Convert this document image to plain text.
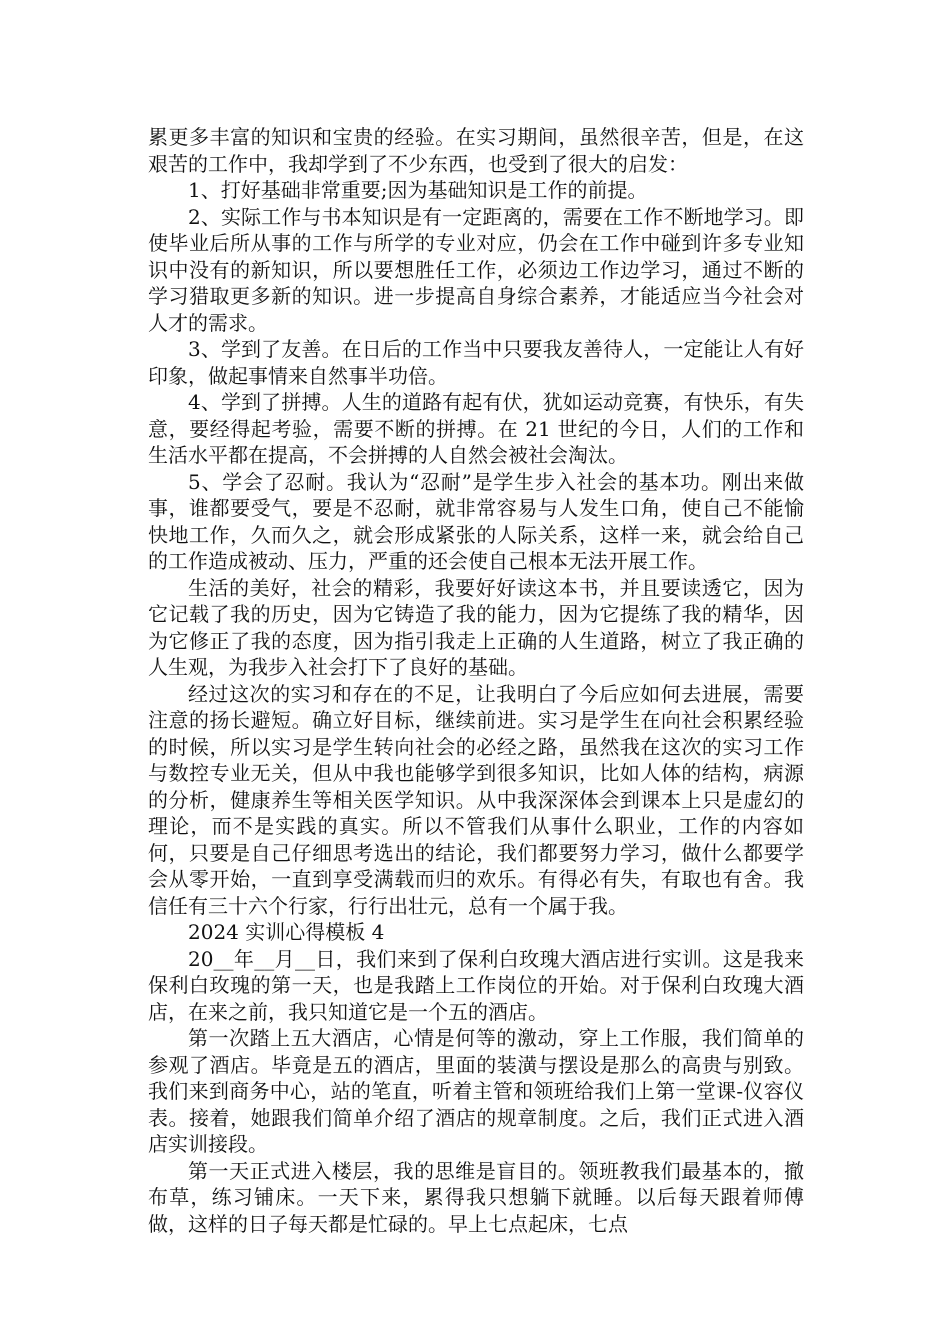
累更多丰富的知识和宝贵的经验。在实习期间，虽然很辛苦，但是，在这艰苦的工作中，我却学到了不少东西，也受到了很大的启发：

1、打好基础非常重要;因为基础知识是工作的前提。

2、实际工作与书本知识是有一定距离的，需要在工作不断地学习。即使毕业后所从事的工作与所学的专业对应，仍会在工作中碰到许多专业知识中没有的新知识，所以要想胜任工作，必须边工作边学习，通过不断的学习猎取更多新的知识。进一步提高自身综合素养，才能适应当今社会对人才的需求。

3、学到了友善。在日后的工作当中只要我友善待人，一定能让人有好印象，做起事情来自然事半功倍。

4、学到了拼搏。人生的道路有起有伏，犹如运动竞赛，有快乐，有失意，要经得起考验，需要不断的拼搏。在 21 世纪的今日，人们的工作和生活水平都在提高，不会拼搏的人自然会被社会淘汰。

5、学会了忍耐。我认为“忍耐”是学生步入社会的基本功。刚出来做事，谁都要受气，要是不忍耐，就非常容易与人发生口角，使自己不能愉快地工作，久而久之，就会形成紧张的人际关系，这样一来，就会给自己的工作造成被动、压力，严重的还会使自己根本无法开展工作。

生活的美好，社会的精彩，我要好好读这本书，并且要读透它，因为它记载了我的历史，因为它铸造了我的能力，因为它提练了我的精华，因为它修正了我的态度，因为指引我走上正确的人生道路，树立了我正确的人生观，为我步入社会打下了良好的基础。

经过这次的实习和存在的不足，让我明白了今后应如何去进展，需要注意的扬长避短。确立好目标，继续前进。实习是学生在向社会积累经验的时候，所以实习是学生转向社会的必经之路，虽然我在这次的实习工作与数控专业无关，但从中我也能够学到很多知识，比如人体的结构，病源的分析，健康养生等相关医学知识。从中我深深体会到课本上只是虚幻的理论，而不是实践的真实。所以不管我们从事什么职业，工作的内容如何，只要是自己仔细思考选出的结论，我们都要努力学习，做什么都要学会从零开始，一直到享受满载而归的欢乐。有得必有失，有取也有舍。我信任有三十六个行家，行行出壮元，总有一个属于我。

2024 实训心得模板 4

20__年__月__日，我们来到了保利白玫瑰大酒店进行实训。这是我来保利白玫瑰的第一天，也是我踏上工作岗位的开始。对于保利白玫瑰大酒店，在来之前，我只知道它是一个五的酒店。

第一次踏上五大酒店，心情是何等的激动，穿上工作服，我们简单的参观了酒店。毕竟是五的酒店，里面的装潢与摆设是那么的高贵与别致。我们来到商务中心，站的笔直，听着主管和领班给我们上第一堂课-仪容仪表。接着，她跟我们简单介绍了酒店的规章制度。之后，我们正式进入酒店实训接段。

第一天正式进入楼层，我的思维是盲目的。领班教我们最基本的，撤布草，练习铺床。一天下来，累得我只想躺下就睡。以后每天跟着师傅做，这样的日子每天都是忙碌的。早上七点起床，七点
